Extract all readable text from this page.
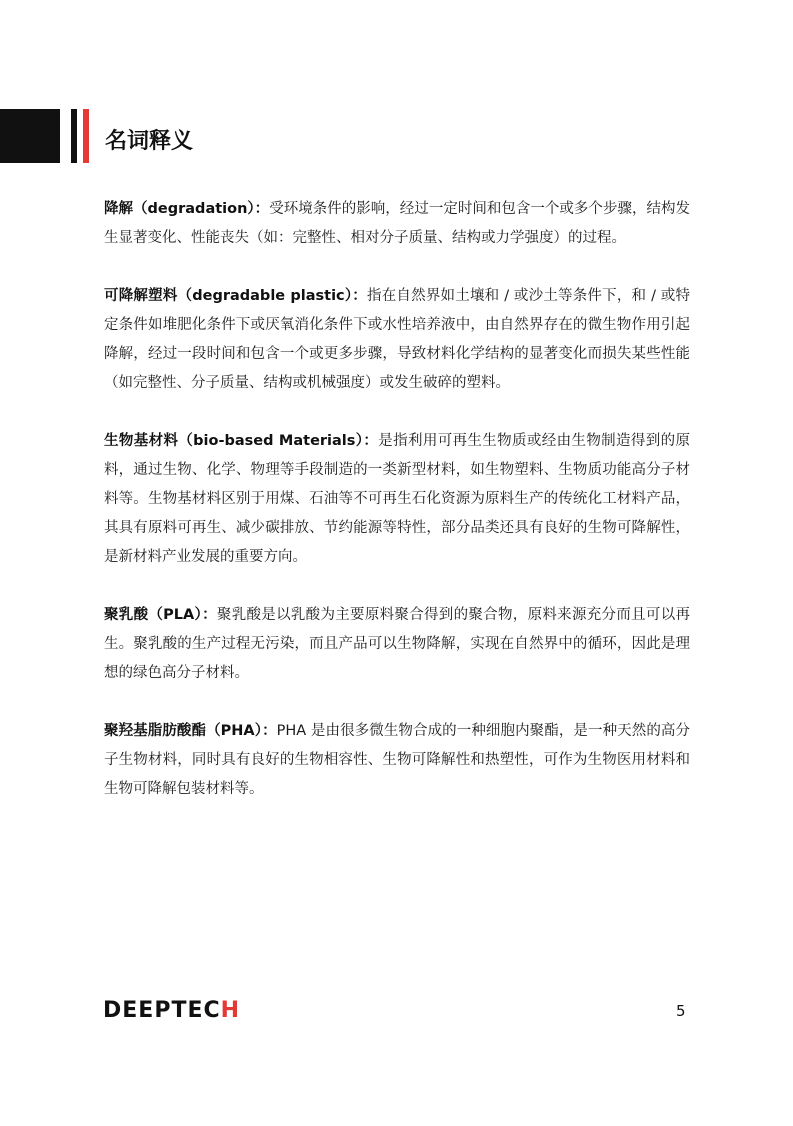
名词释义

降解（degradation）：受环境条件的影响，经过一定时间和包含一个或多个步骤，结构发生显著变化、性能丧失（如：完整性、相对分子质量、结构或力学强度）的过程。

可降解塑料（degradable plastic）：指在自然界如土壤和 / 或沙土等条件下，和 / 或特定条件如堆肥化条件下或厌氧消化条件下或水性培养液中，由自然界存在的微生物作用引起降解，经过一段时间和包含一个或更多步骤，导致材料化学结构的显著变化而损失某些性能（如完整性、分子质量、结构或机械强度）或发生破碎的塑料。

生物基材料（bio-based Materials）：是指利用可再生生物质或经由生物制造得到的原料，通过生物、化学、物理等手段制造的一类新型材料，如生物塑料、生物质功能高分子材料等。生物基材料区别于用煤、石油等不可再生石化资源为原料生产的传统化工材料产品，其具有原料可再生、减少碳排放、节约能源等特性，部分品类还具有良好的生物可降解性，是新材料产业发展的重要方向。

聚乳酸（PLA）：聚乳酸是以乳酸为主要原料聚合得到的聚合物，原料来源充分而且可以再生。聚乳酸的生产过程无污染，而且产品可以生物降解，实现在自然界中的循环，因此是理想的绿色高分子材料。

聚羟基脂肪酸酯（PHA）：PHA 是由很多微生物合成的一种细胞内聚酯，是一种天然的高分子生物材料，同时具有良好的生物相容性、生物可降解性和热塑性，可作为生物医用材料和生物可降解包装材料等。

DEEPTECH	5
